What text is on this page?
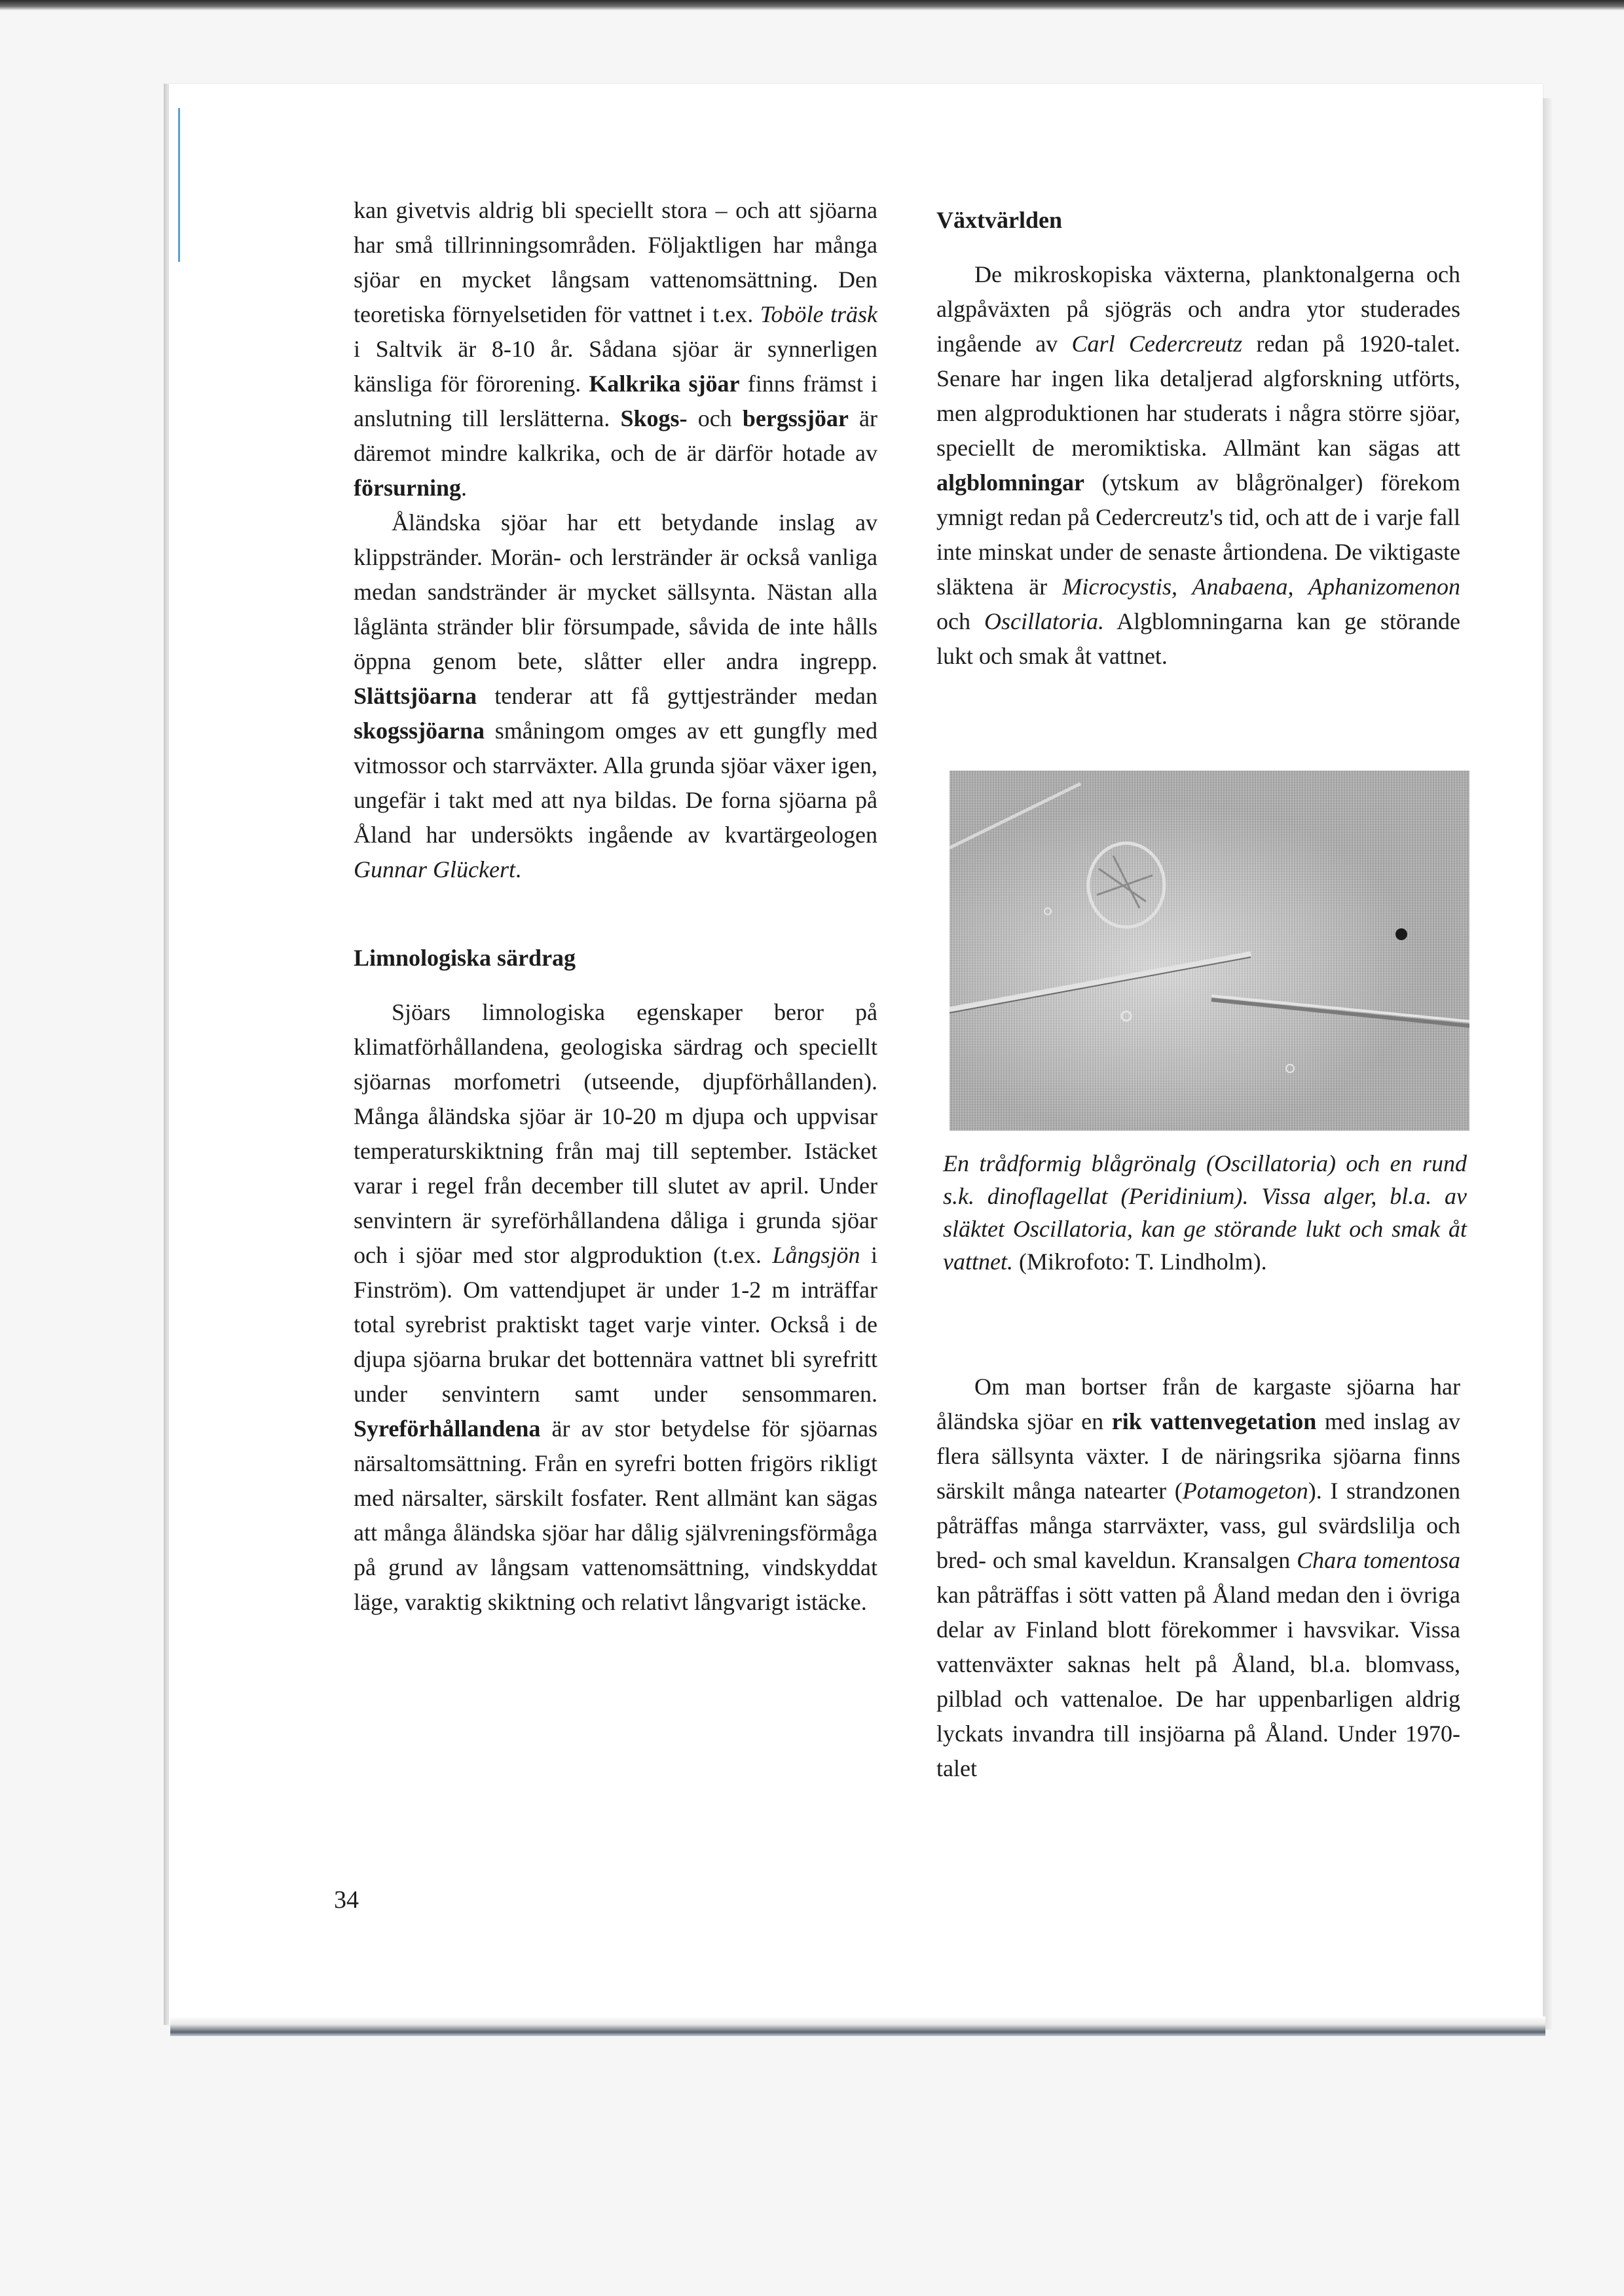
kan givetvis aldrig bli speciellt stora – och att sjöarna har små tillrinningsområden. Följaktligen har många sjöar en mycket långsam vattenomsättning. Den teoretiska förnyelsetiden för vattnet i t.ex. Toböle träsk i Saltvik är 8-10 år. Sådana sjöar är synnerligen känsliga för förorening. Kalkrika sjöar finns främst i anslutning till lerslätterna. Skogs- och bergssjöar är däremot mindre kalkrika, och de är därför hotade av försurning.

Åländska sjöar har ett betydande inslag av klippstränder. Morän- och lerstränder är också vanliga medan sandstränder är mycket sällsynta. Nästan alla låglänta stränder blir försumpade, såvida de inte hålls öppna genom bete, slåtter eller andra ingrepp. Slättsjöarna tenderar att få gyttjestränder medan skogssjöarna småningom omges av ett gungfly med vitmossor och starrväxter. Alla grunda sjöar växer igen, ungefär i takt med att nya bildas. De forna sjöarna på Åland har undersökts ingående av kvartärgeologen Gunnar Glückert.

Limnologiska särdrag

Sjöars limnologiska egenskaper beror på klimatförhållandena, geologiska särdrag och speciellt sjöarnas morfometri (utseende, djupförhållanden). Många åländska sjöar är 10-20 m djupa och uppvisar temperaturskiktning från maj till september. Istäcket varar i regel från december till slutet av april. Under senvintern är syreförhållandena dåliga i grunda sjöar och i sjöar med stor algproduktion (t.ex. Långsjön i Finström). Om vattendjupet är under 1-2 m inträffar total syrebrist praktiskt taget varje vinter. Också i de djupa sjöarna brukar det bottennära vattnet bli syrefritt under senvintern samt under sensommaren. Syreförhållandena är av stor betydelse för sjöarnas närsaltomsättning. Från en syrefri botten frigörs rikligt med närsalter, särskilt fosfater. Rent allmänt kan sägas att många åländska sjöar har dålig självreningsförmåga på grund av långsam vattenomsättning, vindskyddat läge, varaktig skiktning och relativt långvarigt istäcke.

Växtvärlden

De mikroskopiska växterna, planktonalgerna och algpåväxten på sjögräs och andra ytor studerades ingående av Carl Cedercreutz redan på 1920-talet. Senare har ingen lika detaljerad algforskning utförts, men algproduktionen har studerats i några större sjöar, speciellt de meromiktiska. Allmänt kan sägas att algblomningar (ytskum av blågrönalger) förekom ymnigt redan på Cedercreutz's tid, och att de i varje fall inte minskat under de senaste årtiondena. De viktigaste släktena är Microcystis, Anabaena, Aphanizomenon och Oscillatoria. Algblomningarna kan ge störande lukt och smak åt vattnet.

En trådformig blågrönalg (Oscillatoria) och en rund s.k. dinoflagellat (Peridinium). Vissa alger, bl.a. av släktet Oscillatoria, kan ge störande lukt och smak åt vattnet. (Mikrofoto: T. Lindholm).

Om man bortser från de kargaste sjöarna har åländska sjöar en rik vattenvegetation med inslag av flera sällsynta växter. I de näringsrika sjöarna finns särskilt många natearter (Potamogeton). I strandzonen påträffas många starrväxter, vass, gul svärdslilja och bred- och smal kaveldun. Kransalgen Chara tomentosa kan påträffas i sött vatten på Åland medan den i övriga delar av Finland blott förekommer i havsvikar. Vissa vattenväxter saknas helt på Åland, bl.a. blomvass, pilblad och vattenaloe. De har uppenbarligen aldrig lyckats invandra till insjöarna på Åland. Under 1970-talet

34
